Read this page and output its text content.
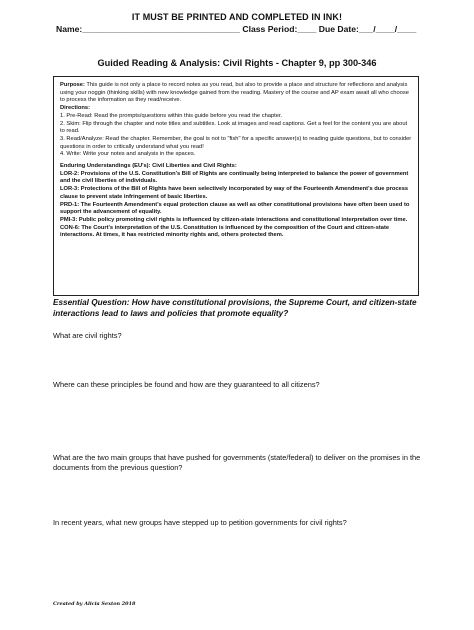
IT MUST BE PRINTED AND COMPLETED IN INK!
Name:_________________________________ Class Period:____ Due Date:___/____/____
Guided Reading & Analysis: Civil Rights - Chapter 9, pp 300-346

Purpose: This guide is not only a place to record notes as you read, but also to provide a place and structure for reflections and analysis using your noggin (thinking skills) with new knowledge gained from the reading. Mastery of the course and AP exam await all who choose to process the information as they read/receive.

Directions:

1. Pre-Read: Read the prompts/questions within this guide before you read the chapter.

2. Skim: Flip through the chapter and note titles and subtitles. Look at images and read captions. Get a feel for the content you are about to read.

3. Read/Analyze: Read the chapter. Remember, the goal is not to "fish" for a specific answer(s) to reading guide questions, but to consider questions in order to critically understand what you read!

4. Write: Write your notes and analysis in the spaces.

Enduring Understandings (EU's): Civil Liberties and Civil Rights:

LOR-2: Provisions of the U.S. Constitution's Bill of Rights are continually being interpreted to balance the power of government and the civil liberties of individuals.

LOR-3: Protections of the Bill of Rights have been selectively incorporated by way of the Fourteenth Amendment's due process clause to prevent state infringement of basic liberties.

PRD-1: The Fourteenth Amendment's equal protection clause as well as other constitutional provisions have often been used to support the advancement of equality.

PMI-3: Public policy promoting civil rights is influenced by citizen-state interactions and constitutional interpretation over time.

CON-6: The Court's interpretation of the U.S. Constitution is influenced by the composition of the Court and citizen-state interactions. At times, it has restricted minority rights and, others protected them.

Essential Question: How have constitutional provisions, the Supreme Court, and citizen-state interactions lead to laws and policies that promote equality?
What are civil rights?
Where can these principles be found and how are they guaranteed to all citizens?
What are the two main groups that have pushed for governments (state/federal) to deliver on the promises in the documents from the previous question?
In recent years, what new groups have stepped up to petition governments for civil rights?
Created by Alicia Sexton 2018
